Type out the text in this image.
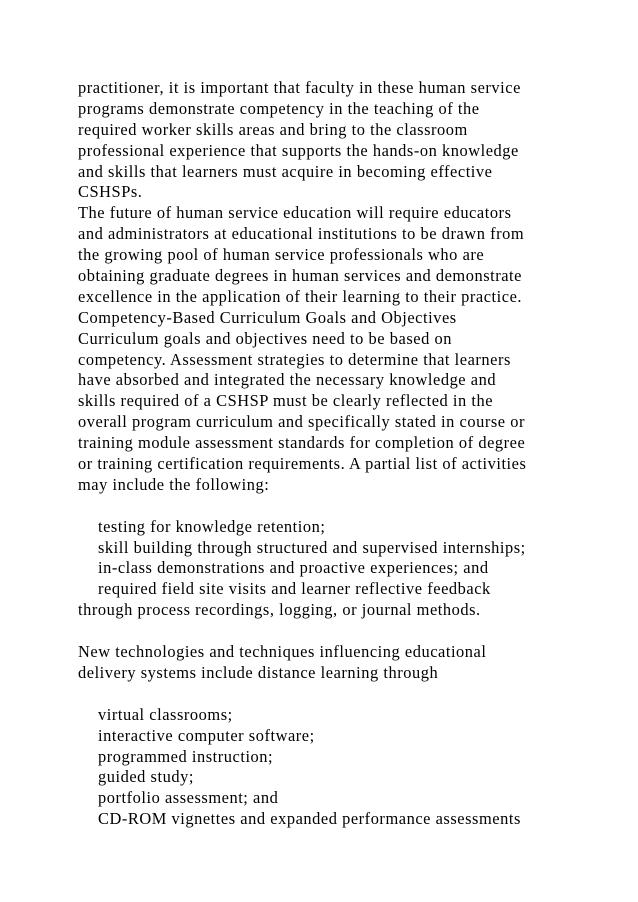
practitioner, it is important that faculty in these human service
programs demonstrate competency in the teaching of the
required worker skills areas and bring to the classroom
professional experience that supports the hands-on knowledge
and skills that learners must acquire in becoming effective
CSHSPs.
The future of human service education will require educators
and administrators at educational institutions to be drawn from
the growing pool of human service professionals who are
obtaining graduate degrees in human services and demonstrate
excellence in the application of their learning to their practice.
Competency-Based Curriculum Goals and Objectives
Curriculum goals and objectives need to be based on
competency. Assessment strategies to determine that learners
have absorbed and integrated the necessary knowledge and
skills required of a CSHSP must be clearly reflected in the
overall program curriculum and specifically stated in course or
training module assessment standards for completion of degree
or training certification requirements. A partial list of activities
may include the following:
testing for knowledge retention;
skill building through structured and supervised internships;
in-class demonstrations and proactive experiences; and
required field site visits and learner reflective feedback
through process recordings, logging, or journal methods.
New technologies and techniques influencing educational
delivery systems include distance learning through
virtual classrooms;
interactive computer software;
programmed instruction;
guided study;
portfolio assessment; and
CD-ROM vignettes and expanded performance assessments
